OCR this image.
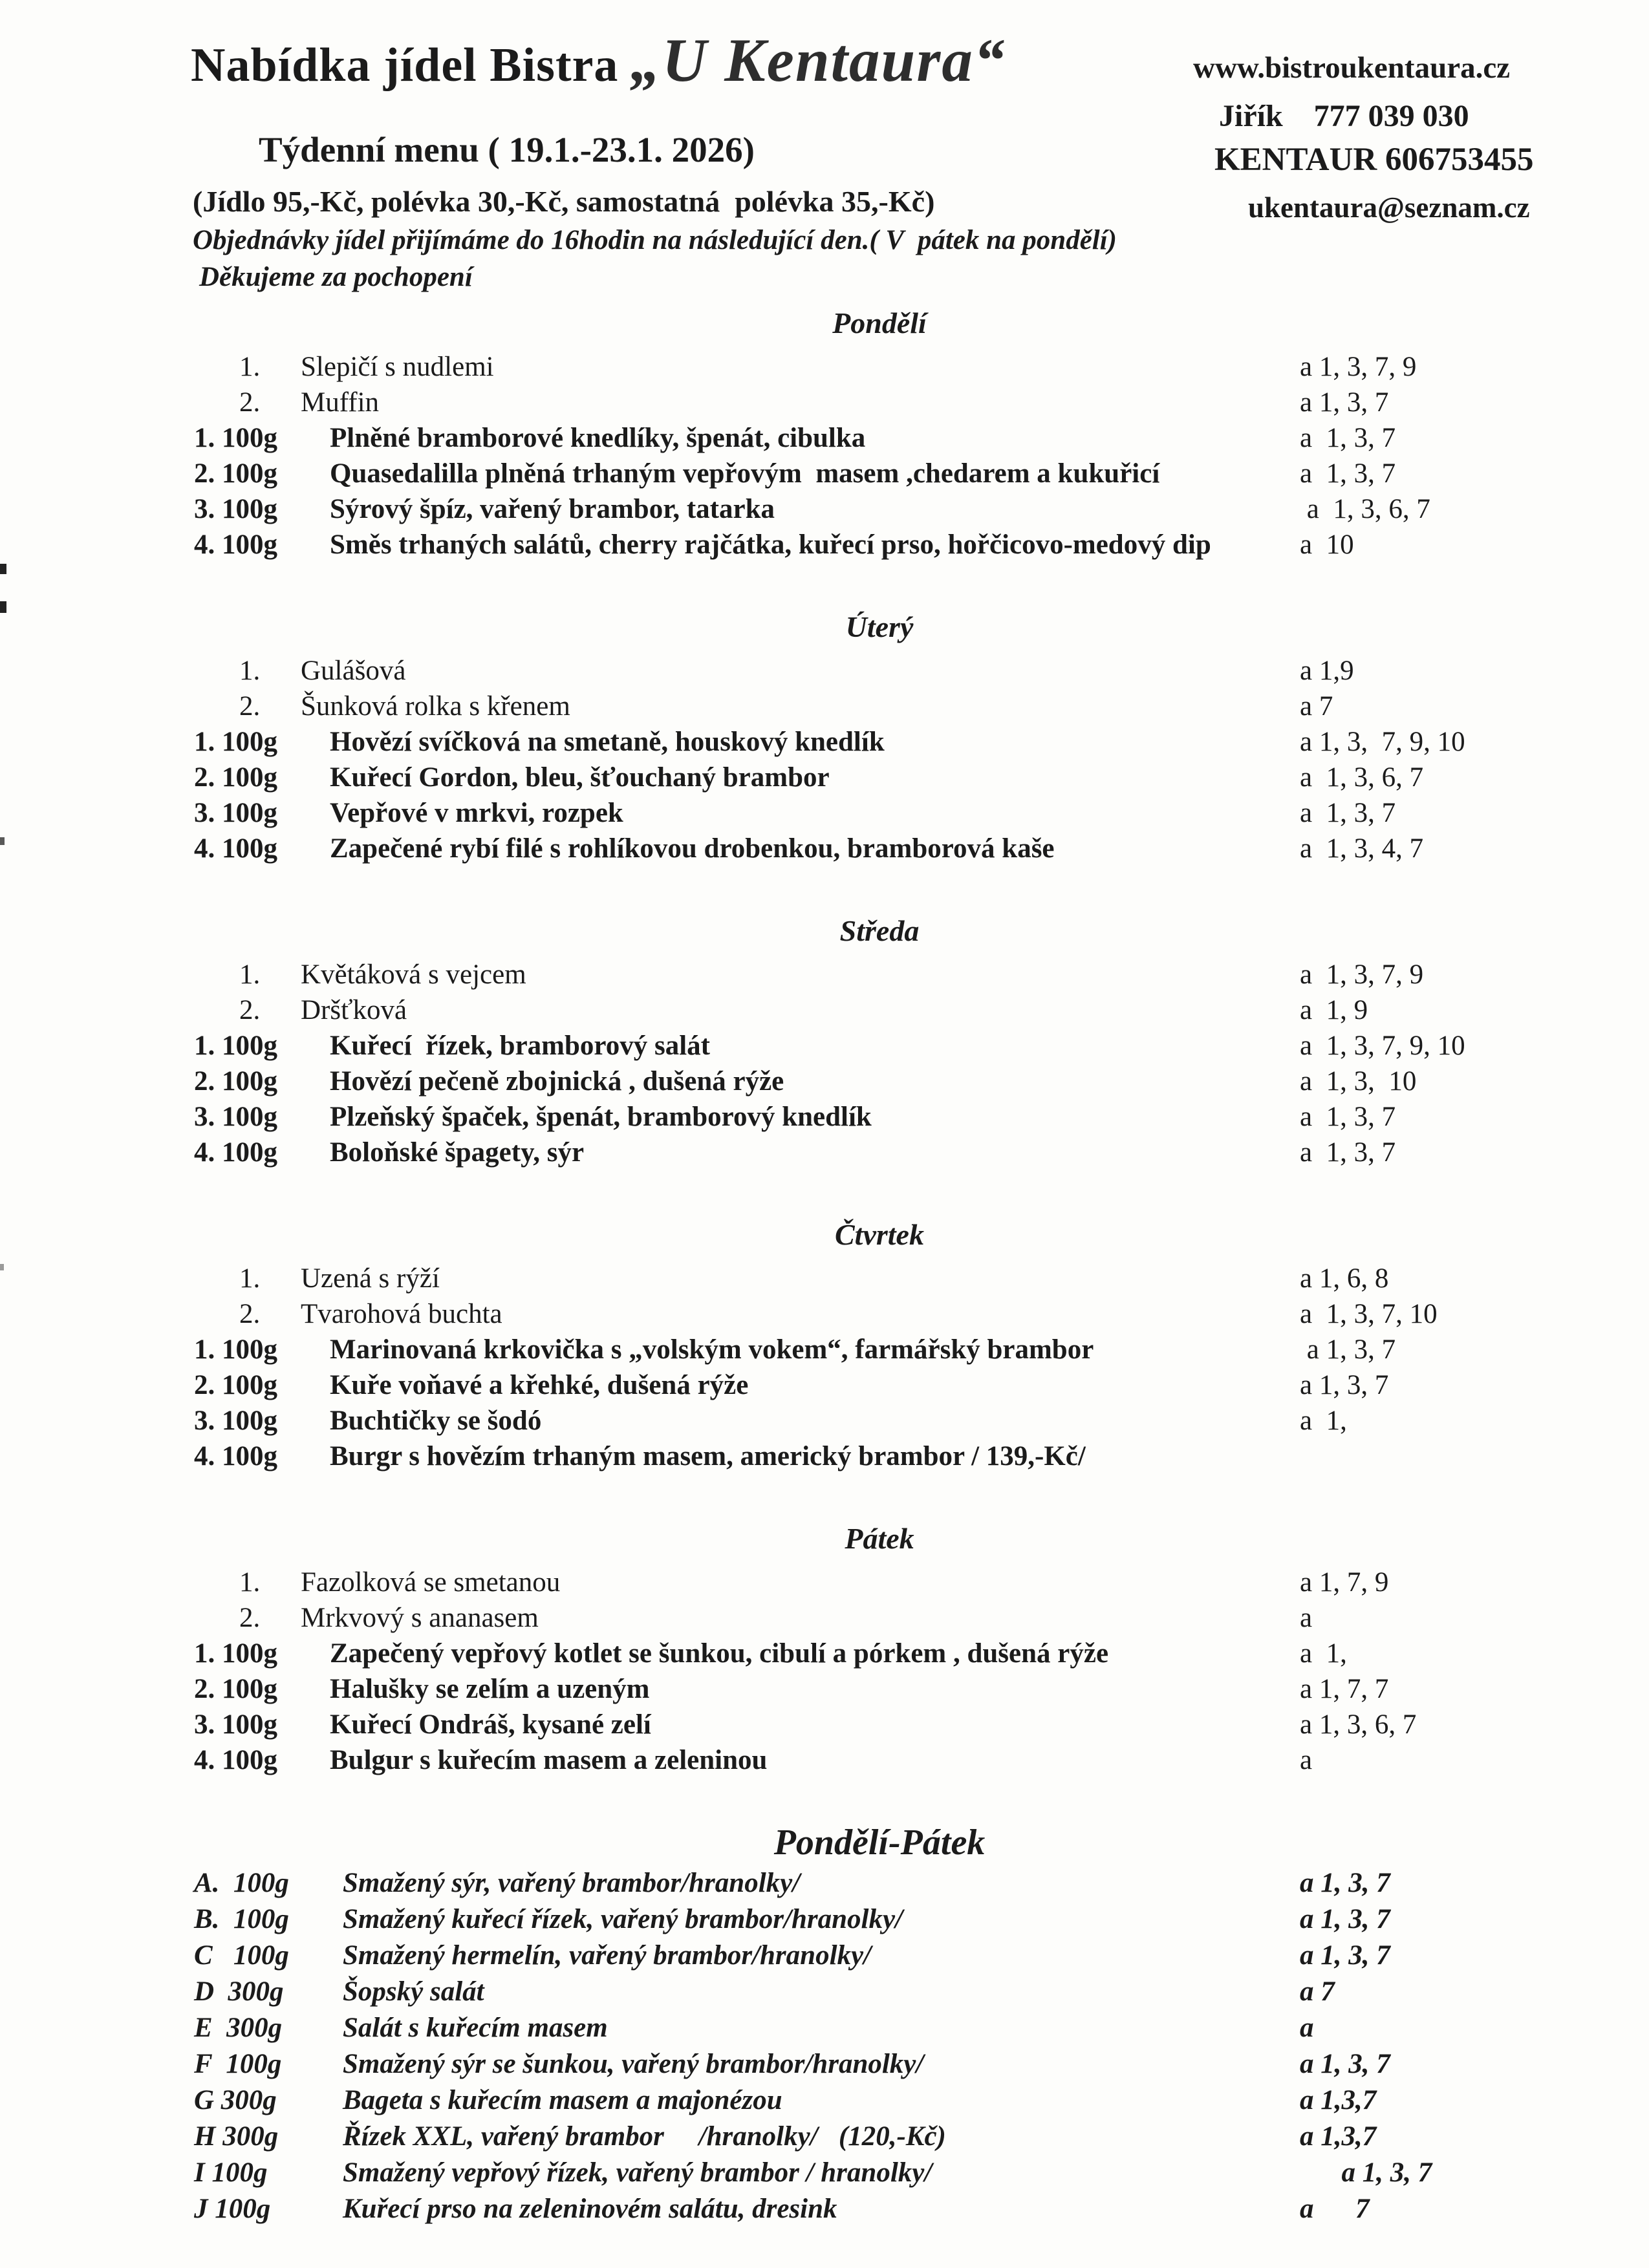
Nabídka jídel Bistra „U Kentaura“	www.bistroukentaura.cz
Jiřík    777 039 030
KENTAUR 606753455
ukentaura@seznam.cz
Týdenní menu ( 19.1.-23.1. 2026)
(Jídlo 95,-Kč, polévka 30,-Kč, samostatná  polévka 35,-Kč)
Objednávky jídel přijímáme do 16hodin na následující den.( V  pátek na pondělí)
Děkujeme za pochopení
Pondělí
1.	Slepičí s nudlemi	a 1, 3, 7, 9
2.	Muffin	a 1, 3, 7
1. 100g	Plněné bramborové knedlíky, špenát, cibulka	a  1, 3, 7
2. 100g	Quasedalilla plněná trhaným vepřovým  masem ,chedarem a kukuřicí	a  1, 3, 7
3. 100g	Sýrový špíz, vařený brambor, tatarka	a  1, 3, 6, 7
4. 100g	Směs trhaných salátů, cherry rajčátka, kuřecí prso, hořčicovo-medový dip	a  10
Úterý
1.	Gulášová	a 1,9
2.	Šunková rolka s křenem	a 7
1. 100g	Hovězí svíčková na smetaně, houskový knedlík	a 1, 3,  7, 9, 10
2. 100g	Kuřecí Gordon, bleu, šťouchaný brambor	a  1, 3, 6, 7
3. 100g	Vepřové v mrkvi, rozpek	a  1, 3, 7
4. 100g	Zapečené rybí filé s rohlíkovou drobenkou, bramborová kaše	a  1, 3, 4, 7
Středa
1.	Květáková s vejcem	a  1, 3, 7, 9
2.	Dršťková	a  1, 9
1. 100g	Kuřecí  řízek, bramborový salát	a  1, 3, 7, 9, 10
2. 100g	Hovězí pečeně zbojnická , dušená rýže	a  1, 3,  10
3. 100g	Plzeňský špaček, špenát, bramborový knedlík	a  1, 3, 7
4. 100g	Boloňské špagety, sýr	a  1, 3, 7
Čtvrtek
1.	Uzená s rýží	a 1, 6, 8
2.	Tvarohová buchta	a  1, 3, 7, 10
1. 100g	Marinovaná krkovička s „volským vokem“, farmářský brambor	a 1, 3, 7
2. 100g	Kuře voňavé a křehké, dušená rýže	a 1, 3, 7
3. 100g	Buchtičky se šodó	a  1,
4. 100g	Burgr s hovězím trhaným masem, americký brambor / 139,-Kč/
Pátek
1.	Fazolková se smetanou	a 1, 7, 9
2.	Mrkvový s ananasem	a
1. 100g	Zapečený vepřový kotlet se šunkou, cibulí a pórkem , dušená rýže	a  1,
2. 100g	Halušky se zelím a uzeným	a 1, 7, 7
3. 100g	Kuřecí Ondráš, kysané zelí	a 1, 3, 6, 7
4. 100g	Bulgur s kuřecím masem a zeleninou	a
Pondělí-Pátek
A.  100g	Smažený sýr, vařený brambor/hranolky/	a 1, 3, 7
B.  100g	Smažený kuřecí řízek, vařený brambor/hranolky/	a 1, 3, 7
C   100g	Smažený hermelín, vařený brambor/hranolky/	a 1, 3, 7
D  300g	Šopský salát	a 7
E  300g	Salát s kuřecím masem	a
F  100g	Smažený sýr se šunkou, vařený brambor/hranolky/	a 1, 3, 7
G 300g	Bageta s kuřecím masem a majonézou	a 1,3,7
H 300g	Řízek XXL, vařený brambor     /hranolky/   (120,-Kč)	a 1,3,7
I 100g	Smažený vepřový řízek, vařený brambor / hranolky/	a 1, 3, 7
J 100g	Kuřecí prso na zeleninovém salátu, dresink	a      7
